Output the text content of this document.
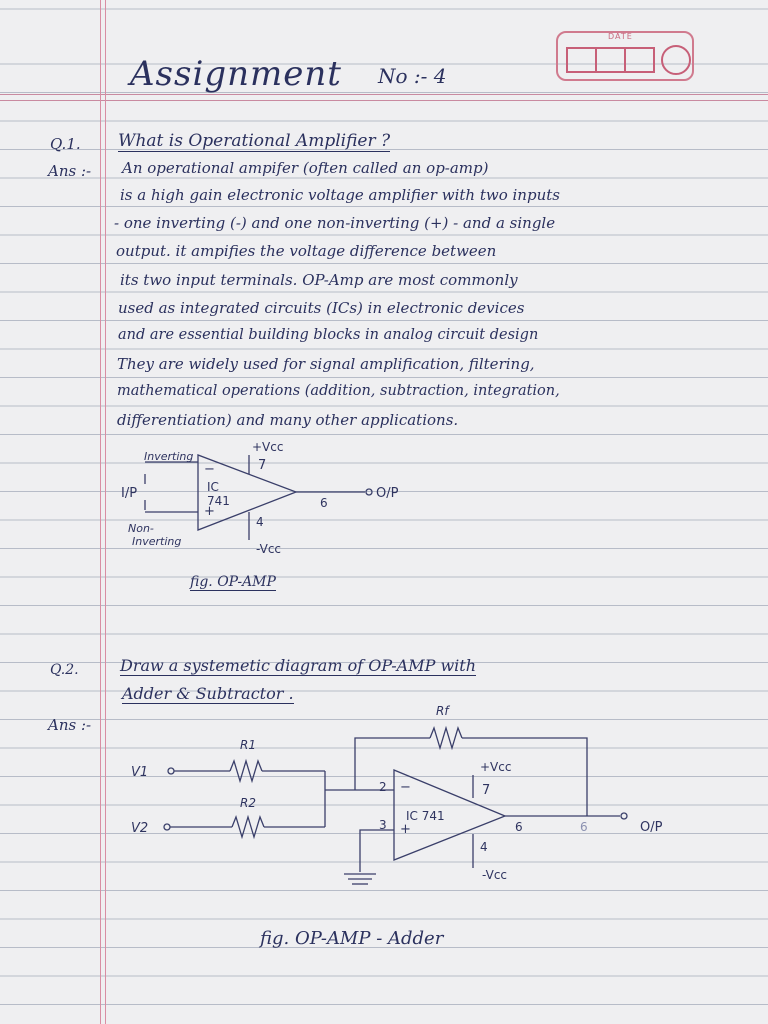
DATE
Assignment No :- 4
Q.1. What is Operational Amplifier ?
Ans :- An operational ampifer (often called an op-amp)
is a high gain electronic voltage amplifier with two inputs
- one inverting (-) and one non-inverting (+) - and a single
output. it ampifies the voltage difference between
its two input terminals. OP-Amp are most commonly
used as integrated circuits (ICs) in electronic devices
and are essential building blocks in analog circuit design
They are widely used for signal amplification, filtering,
mathematical operations (addition, subtraction, integration,
differentiation) and many other applications.
Inverting
+Vcc
7
−
+
I/P	IC
741	6
O/P
4
Non-
Inverting
-Vcc
fig. OP-AMP
Q.2.	Draw a systemetic diagram of OP-AMP with
Adder & Subtractor .
Ans :-
Rf
R1
R2
V1
V2
+Vcc
2
3
7
−
+
IC 741
6	6	O/P
4
-Vcc
fig. OP-AMP - Adder
